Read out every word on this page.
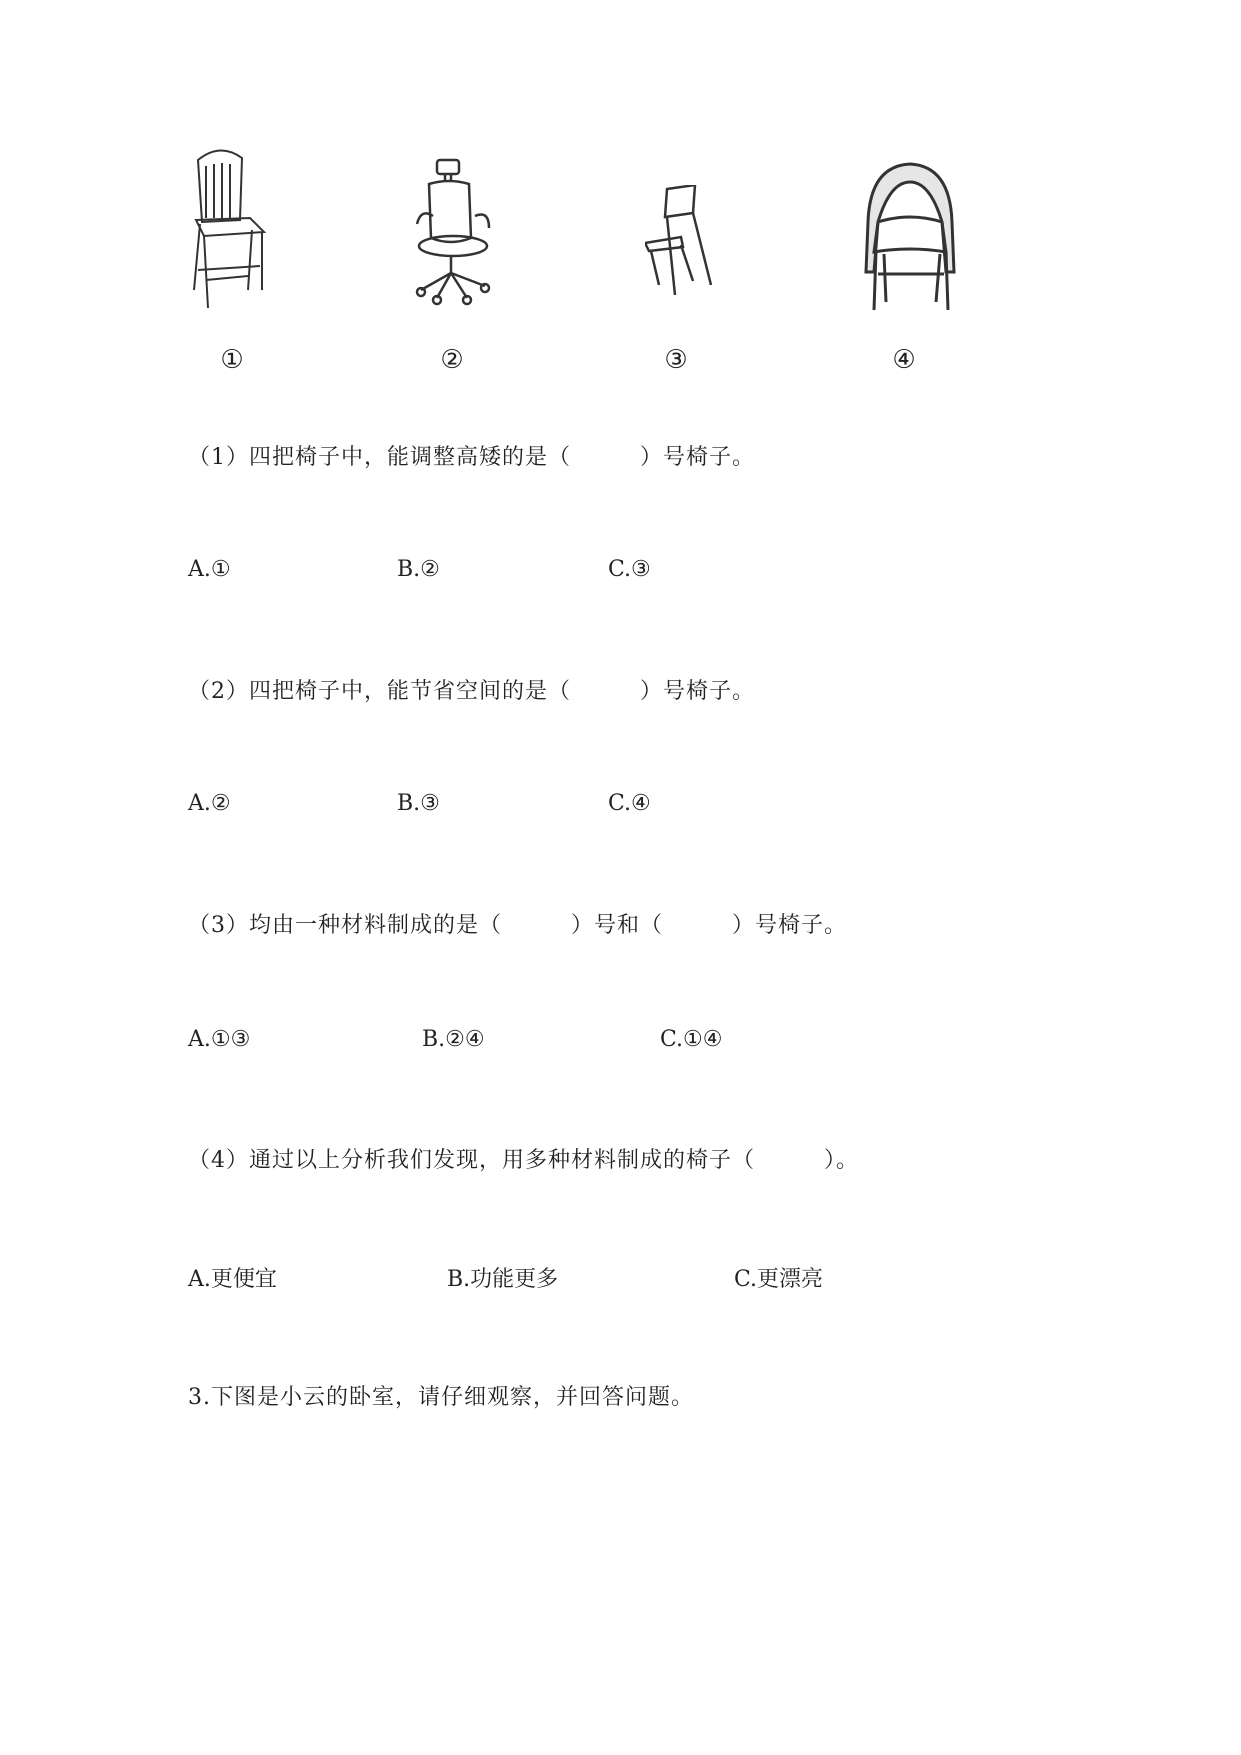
①	②	③	④
（1）四把椅子中，能调整高矮的是（　　　）号椅子。
A.①	B.②	C.③
（2）四把椅子中，能节省空间的是（　　　）号椅子。
A.②	B.③	C.④
（3）均由一种材料制成的是（　　　）号和（　　　）号椅子。
A.①③	B.②④	C.①④
（4）通过以上分析我们发现，用多种材料制成的椅子（　　　）。
A.更便宜	B.功能更多	C.更漂亮
3.下图是小云的卧室，请仔细观察，并回答问题。
